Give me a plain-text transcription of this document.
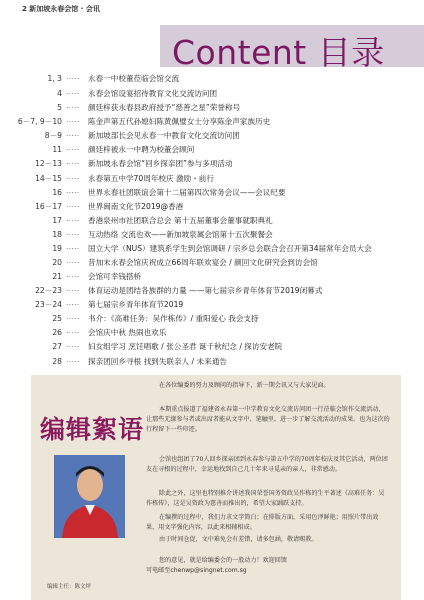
2 新加坡永春会馆 · 会讯
Content 目录
1, 3 ····· 永春一中校董莅临会馆交流
4 ····· 永春会馆设宴招待教育文化交流访问团
5 ····· 颜廷梓获永春县政府授予“慈善之星”荣誉称号
6－7, 9－10 ····· 陈金声第五代孙媳妇陈黄佩璧女士分享陈金声家族历史
8－9 ····· 新加坡部长会见永春一中教育文化交流访问团
11 ····· 颜廷梓被永一中聘为校董会顾问
12－13 ····· 新加坡永春会馆“回乡探亲团”参与多项活动
14－15 ····· 永春第五中学70周年校庆 激励・前行
16 ····· 世界永春社团联谊会第十二届第四次常务会议——会议纪要
16－17 ····· 世界闽南文化节2019@香港
17 ····· 香港泉州市社团联合总会 第十五届董事会董事就职典礼
18 ····· 互动热络 交流也欢——新加坡泉属会馆第十五次聚餐会
19 ····· 国立大学（NUS）建筑系学生到会馆调研 / 宗乡总会联合会召开第34届常年会员大会
20 ····· 昔加末永春会馆庆祝成立66周年联欢宴会 / 颜回文化研究会到访会馆
21 ····· 会馆可幸钱搭桥
22－23 ····· 体育运动是团结各族群的力量 ——第七届宗乡青年体育节2019闭幕式
23－24 ····· 第七届宗乡青年体育节2019
25 ····· 书介：《高难任务：吴作栋传》/ 重阳爱心 我会支持
26 ····· 会馆庆中秋 热闹也欢乐
27 ····· 妇女组学习 烹饪唱歌 / 张公圣君 诞千秋纪念 / 探访安老院
28 ····· 探亲团回乡寻根 找到失联亲人 / 未来通告
编辑絮语
编辑主任：陈文坪

在各位编委的努力及顾问的指导下，新一期会讯又与大家见面。

本期重点报道了福建省永春第一中学教育文化交流访问团一行莅临会馆作交流活动，让那些无缘参与者或出席者能从文字中、笔触里，进一步了解交流活动的成果。也为这次的行程留下一些印迹。

会馆也组团了70人回乡探亲团到永春参与第五中学的70周年校庆及其它活动，两位团友在寻根的过程中，幸运地找到自己几十年来寻觅亲的亲人，非常感动。

除此之外，这里也特别推介讲述我国荣誉国务资政吴作栋的生平著述《高难任务：吴作栋传》，这是吴资政为慈善而推出的，希望大家踊跃支持。

在编撰的过程中，我们力求文字简白；在排版方面，采用色泽鲜艳；用照片带出效果，用文字强化内容，以此来相辅相成。

由于时间仓促，文中难免会有差错，请多包涵，敬请赐教。

您的意见，就是给编委会的一股动力！欢迎回馈

可电邮至chenwp@singnet.com.sg
